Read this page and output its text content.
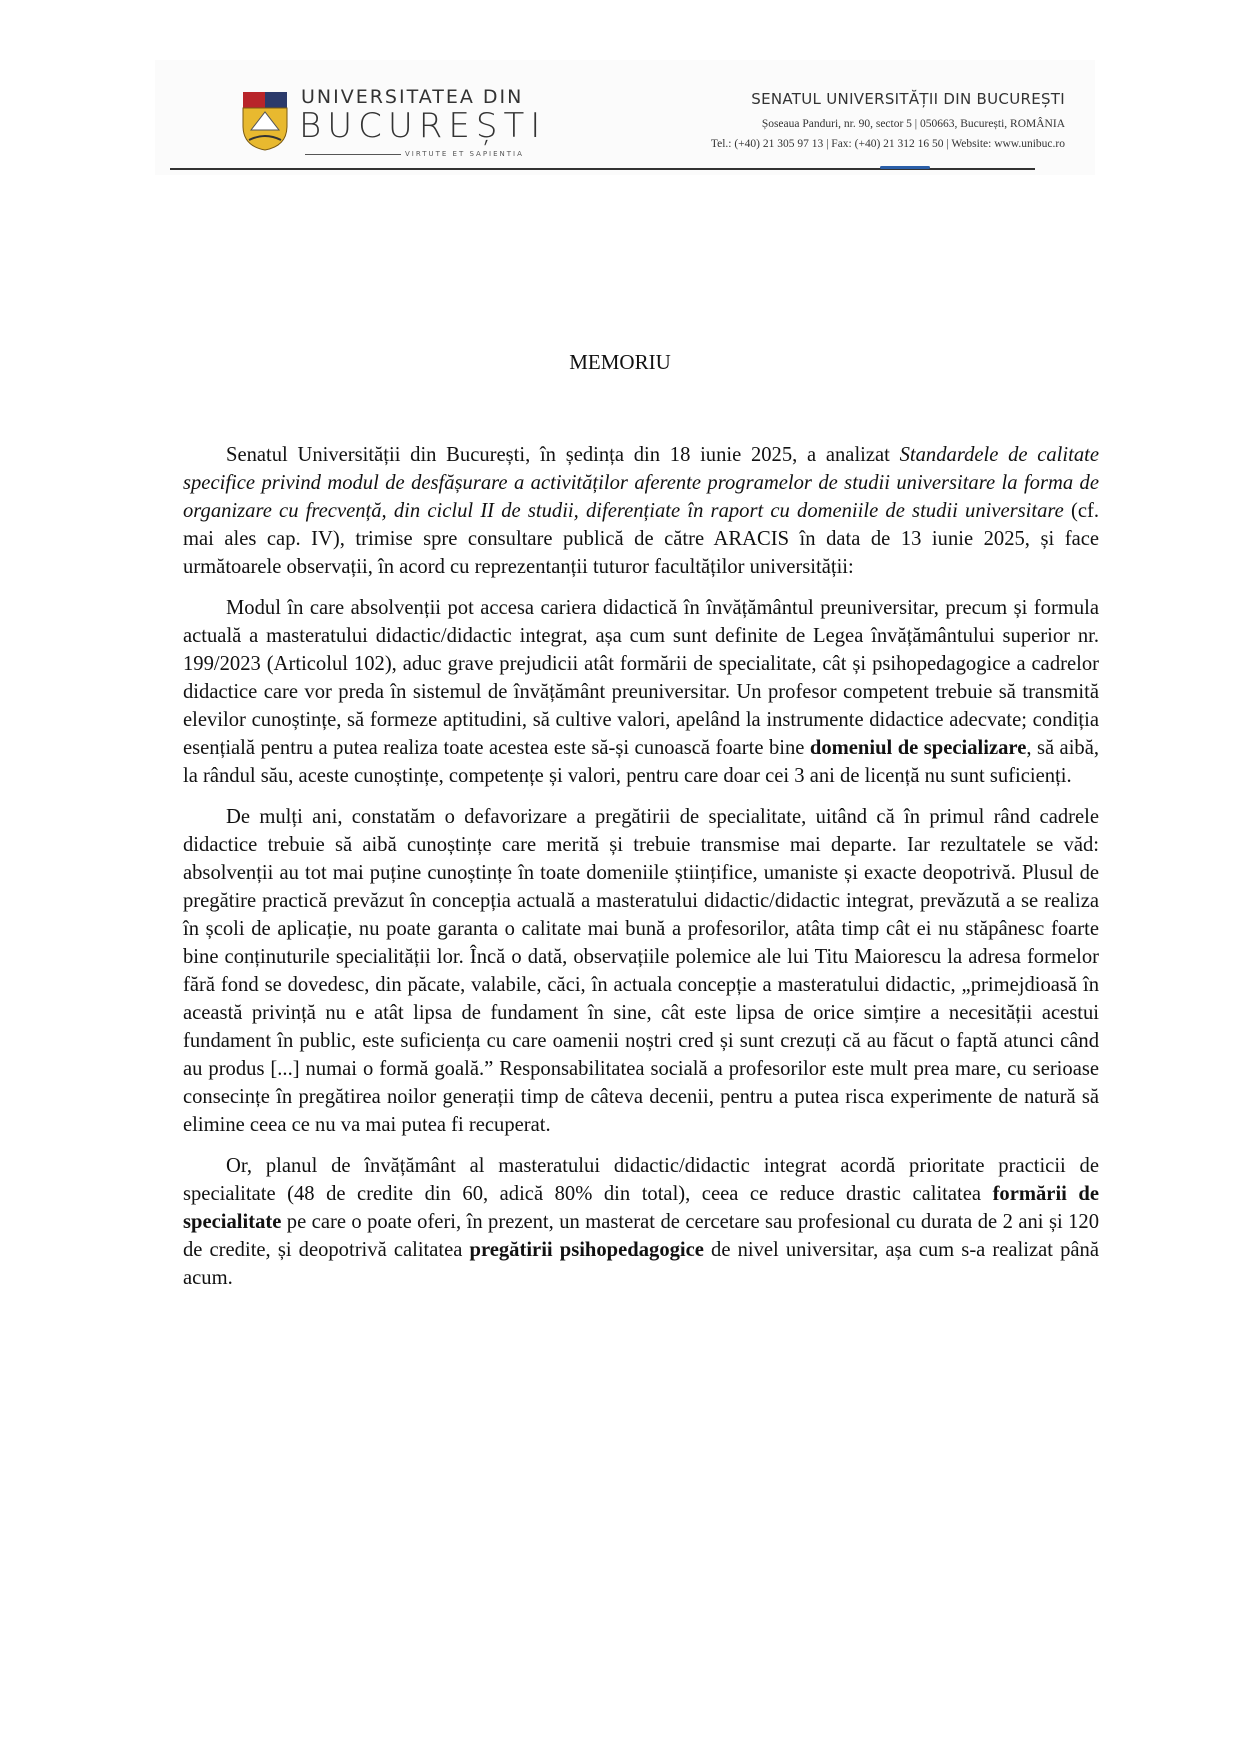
UNIVERSITATEA DIN
BUCUREȘTI
VIRTUTE ET SAPIENTIA
SENATUL UNIVERSITĂȚII DIN BUCUREȘTI
Șoseaua Panduri, nr. 90, sector 5 | 050663, București, ROMÂNIA
Tel.: (+40) 21 305 97 13 | Fax: (+40) 21 312 16 50 | Website: www.unibuc.ro
MEMORIU

Senatul Universității din București, în ședința din 18 iunie 2025, a analizat Standardele de calitate specifice privind modul de desfășurare a activităților aferente programelor de studii universitare la forma de organizare cu frecvență, din ciclul II de studii, diferențiate în raport cu domeniile de studii universitare (cf. mai ales cap. IV), trimise spre consultare publică de către ARACIS în data de 13 iunie 2025, și face următoarele observații, în acord cu reprezentanții tuturor facultăților universității:

Modul în care absolvenții pot accesa cariera didactică în învățământul preuniversitar, precum și formula actuală a masteratului didactic/didactic integrat, așa cum sunt definite de Legea învățământului superior nr. 199/2023 (Articolul 102), aduc grave prejudicii atât formării de specialitate, cât și psihopedagogice a cadrelor didactice care vor preda în sistemul de învățământ preuniversitar. Un profesor competent trebuie să transmită elevilor cunoștințe, să formeze aptitudini, să cultive valori, apelând la instrumente didactice adecvate; condiția esențială pentru a putea realiza toate acestea este să-și cunoască foarte bine domeniul de specializare, să aibă, la rândul său, aceste cunoștințe, competențe și valori, pentru care doar cei 3 ani de licență nu sunt suficienți.

De mulți ani, constatăm o defavorizare a pregătirii de specialitate, uitând că în primul rând cadrele didactice trebuie să aibă cunoștințe care merită și trebuie transmise mai departe. Iar rezultatele se văd: absolvenții au tot mai puține cunoștințe în toate domeniile științifice, umaniste și exacte deopotrivă. Plusul de pregătire practică prevăzut în concepția actuală a masteratului didactic/didactic integrat, prevăzută a se realiza în școli de aplicație, nu poate garanta o calitate mai bună a profesorilor, atâta timp cât ei nu stăpânesc foarte bine conținuturile specialității lor. Încă o dată, observațiile polemice ale lui Titu Maiorescu la adresa formelor fără fond se dovedesc, din păcate, valabile, căci, în actuala concepție a masteratului didactic, „primejdioasă în această privință nu e atât lipsa de fundament în sine, cât este lipsa de orice simțire a necesității acestui fundament în public, este suficiența cu care oamenii noștri cred și sunt crezuți că au făcut o faptă atunci când au produs [...] numai o formă goală.” Responsabilitatea socială a profesorilor este mult prea mare, cu serioase consecințe în pregătirea noilor generații timp de câteva decenii, pentru a putea risca experimente de natură să elimine ceea ce nu va mai putea fi recuperat.

Or, planul de învățământ al masteratului didactic/didactic integrat acordă prioritate practicii de specialitate (48 de credite din 60, adică 80% din total), ceea ce reduce drastic calitatea formării de specialitate pe care o poate oferi, în prezent, un masterat de cercetare sau profesional cu durata de 2 ani și 120 de credite, și deopotrivă calitatea pregătirii psihopedagogice de nivel universitar, așa cum s-a realizat până acum.
